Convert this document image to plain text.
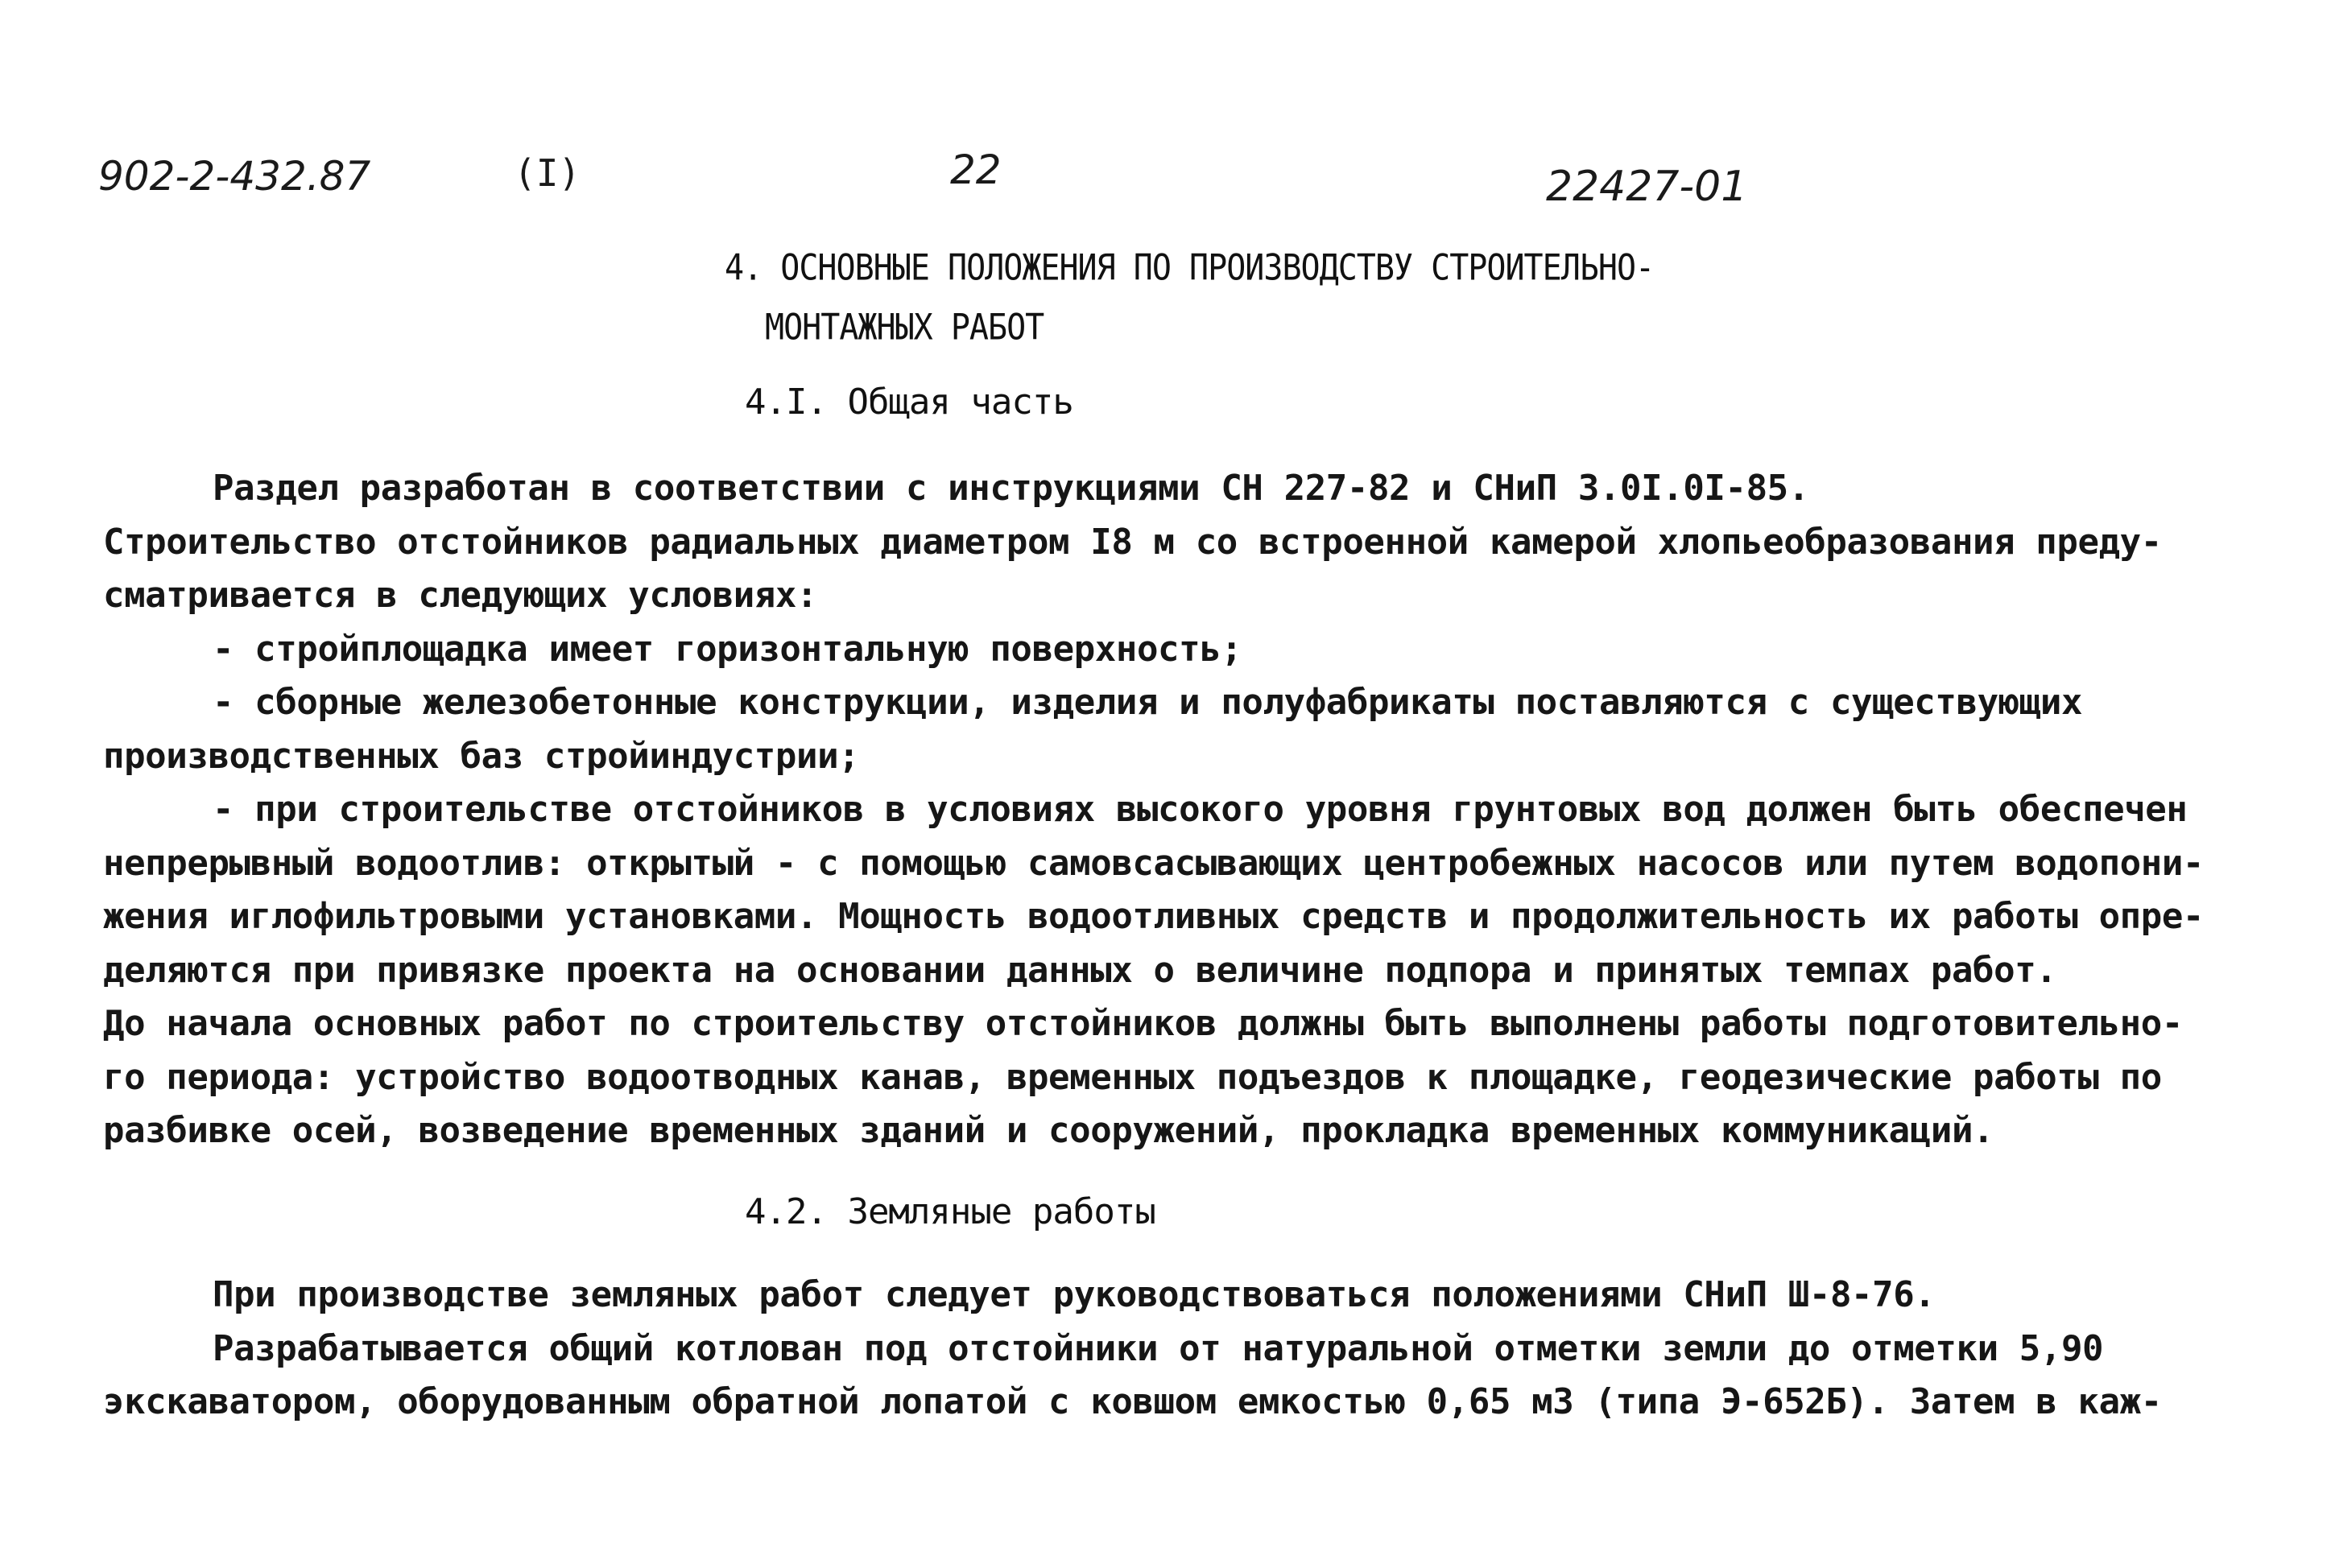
902-2-432.87	(I)	22	22427-01
4. ОСНОВНЫЕ ПОЛОЖЕНИЯ ПО ПРОИЗВОДСТВУ СТРОИТЕЛЬНО-
МОНТАЖНЫХ РАБОТ
4.I. Общая часть
Раздел разработан в соответствии с инструкциями СН 227-82 и СНиП 3.0I.0I-85.
Строительство отстойников радиальных диаметром I8 м со встроенной камерой хлопьеобразования преду-
сматривается в следующих условиях:
- стройплощадка имеет горизонтальную поверхность;
- сборные железобетонные конструкции, изделия и полуфабрикаты поставляются с существующих
производственных баз стройиндустрии;
- при строительстве отстойников в условиях высокого уровня грунтовых вод должен быть обеспечен
непрерывный водоотлив: открытый - с помощью самовсасывающих центробежных насосов или путем водопони-
жения иглофильтровыми установками. Мощность водоотливных средств и продолжительность их работы опре-
деляются при привязке проекта на основании данных о величине подпора и принятых темпах работ.
До начала основных работ по строительству отстойников должны быть выполнены работы подготовительно-
го периода: устройство водоотводных канав, временных подъездов к площадке, геодезические работы по
разбивке осей, возведение временных зданий и сооружений, прокладка временных коммуникаций.
4.2. Земляные работы
При производстве земляных работ следует руководствоваться положениями СНиП Ш-8-76.
Разрабатывается общий котлован под отстойники от натуральной отметки земли до отметки 5,90
экскаватором, оборудованным обратной лопатой с ковшом емкостью 0,65 м3 (типа Э-652Б). Затем в каж-
